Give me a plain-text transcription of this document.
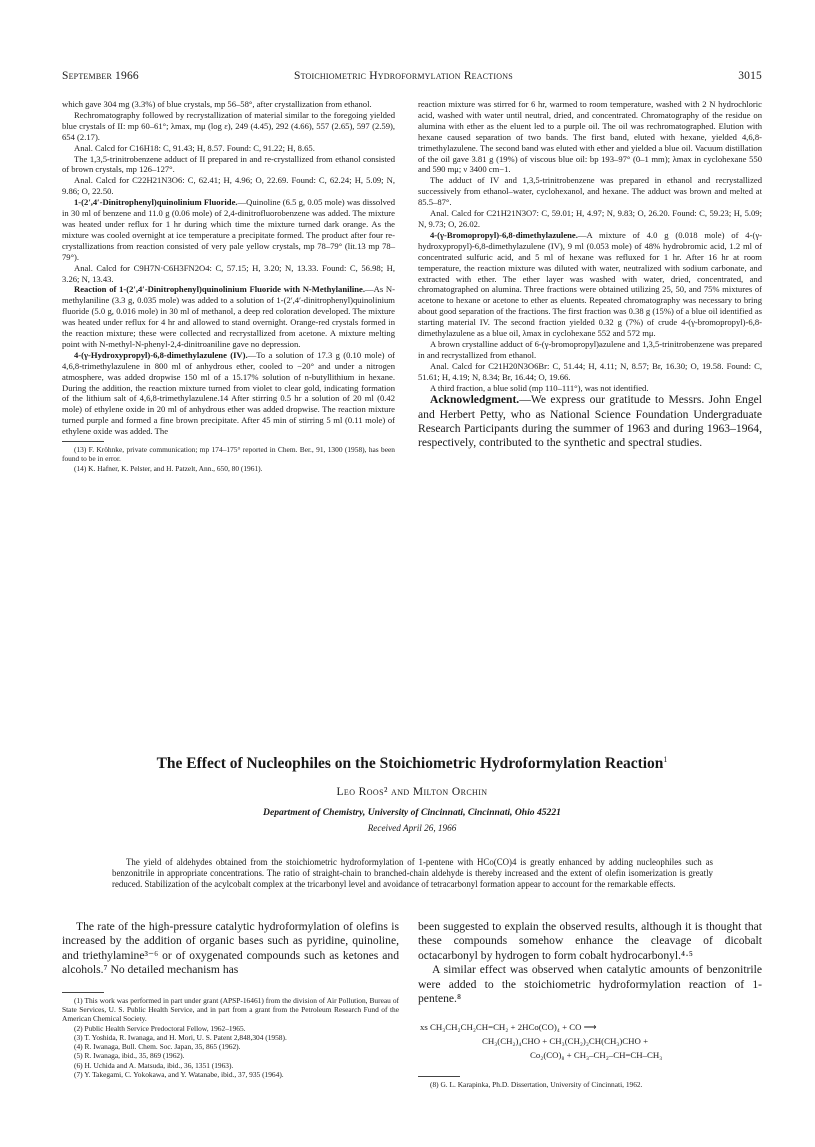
September 1966	Stoichiometric Hydroformylation Reactions	3015

which gave 304 mg (3.3%) of blue crystals, mp 56–58°, after crystallization from ethanol.

Rechromatography followed by recrystallization of material similar to the foregoing yielded blue crystals of II: mp 60–61°; λmax, mμ (log ε), 249 (4.45), 292 (4.66), 557 (2.65), 597 (2.59), 654 (2.17).

Anal. Calcd for C16H18: C, 91.43; H, 8.57. Found: C, 91.22; H, 8.65.

The 1,3,5-trinitrobenzene adduct of II prepared in and re-crystallized from ethanol consisted of brown crystals, mp 126–127°.

Anal. Calcd for C22H21N3O6: C, 62.41; H, 4.96; O, 22.69. Found: C, 62.24; H, 5.09; N, 9.86; O, 22.50.

1-(2′,4′-Dinitrophenyl)quinolinium Fluoride.—Quinoline (6.5 g, 0.05 mole) was dissolved in 30 ml of benzene and 11.0 g (0.06 mole) of 2,4-dinitrofluorobenzene was added. The mixture was heated under reflux for 1 hr during which time the mixture turned dark orange. As the mixture was cooled overnight at ice temperature a precipitate formed. The product after four re-crystallizations from reaction consisted of very pale yellow crystals, mp 78–79° (lit.13 mp 78–79°).

Anal. Calcd for C9H7N·C6H3FN2O4: C, 57.15; H, 3.20; N, 13.33. Found: C, 56.98; H, 3.26; N, 13.43.

Reaction of 1-(2′,4′-Dinitrophenyl)quinolinium Fluoride with N-Methylaniline.—As N-methylaniline (3.3 g, 0.035 mole) was added to a solution of 1-(2′,4′-dinitrophenyl)quinolinium fluoride (5.0 g, 0.016 mole) in 30 ml of methanol, a deep red coloration developed. The mixture was heated under reflux for 4 hr and allowed to stand overnight. Orange-red crystals formed in the reaction mixture; these were collected and recrystallized from acetone. A mixture melting point with N-methyl-N-phenyl-2,4-dinitroaniline gave no depression.

4-(γ-Hydroxypropyl)-6,8-dimethylazulene (IV).—To a solution of 17.3 g (0.10 mole) of 4,6,8-trimethylazulene in 800 ml of anhydrous ether, cooled to −20° and under a nitrogen atmosphere, was added dropwise 150 ml of a 15.17% solution of n-butyllithium in hexane. During the addition, the reaction mixture turned from violet to clear gold, indicating formation of the lithium salt of 4,6,8-trimethylazulene.14 After stirring 0.5 hr a solution of 20 ml (0.42 mole) of ethylene oxide in 20 ml of anhydrous ether was added dropwise. The reaction mixture turned purple and formed a fine brown precipitate. After 45 min of stirring 5 ml (0.11 mole) of ethylene oxide was added. The

(13) F. Kröhnke, private communication; mp 174–175° reported in Chem. Ber., 91, 1300 (1958), has been found to be in error.

(14) K. Hafner, K. Pelster, and H. Patzelt, Ann., 650, 80 (1961).

reaction mixture was stirred for 6 hr, warmed to room temperature, washed with 2 N hydrochloric acid, washed with water until neutral, dried, and concentrated. Chromatography of the residue on alumina with ether as the eluent led to a purple oil. The oil was rechromatographed. Elution with hexane caused separation of two bands. The first band, eluted with hexane, yielded 4,6,8-trimethylazulene. The second band was eluted with ether and yielded a blue oil. Vacuum distillation of the oil gave 3.81 g (19%) of viscous blue oil: bp 193–97° (0–1 mm); λmax in cyclohexane 550 and 590 mμ; ν 3400 cm−1.

The adduct of IV and 1,3,5-trinitrobenzene was prepared in ethanol and recrystallized successively from ethanol–water, cyclohexanol, and hexane. The adduct was brown and melted at 85.5–87°.

Anal. Calcd for C21H21N3O7: C, 59.01; H, 4.97; N, 9.83; O, 26.20. Found: C, 59.23; H, 5.09; N, 9.73; O, 26.02.

4-(γ-Bromopropyl)-6,8-dimethylazulene.—A mixture of 4.0 g (0.018 mole) of 4-(γ-hydroxypropyl)-6,8-dimethylazulene (IV), 9 ml (0.053 mole) of 48% hydrobromic acid, 1.2 ml of concentrated sulfuric acid, and 5 ml of hexane was refluxed for 1 hr. After 16 hr at room temperature, the reaction mixture was diluted with water, neutralized with sodium carbonate, and extracted with ether. The ether layer was washed with water, dried, concentrated, and chromatographed on alumina. Three fractions were obtained utilizing 25, 50, and 75% mixtures of acetone to hexane or acetone to ether as eluents. Repeated chromatography was necessary to bring about good separation of the fractions. The first fraction was 0.38 g (15%) of a blue oil identified as starting material IV. The second fraction yielded 0.32 g (7%) of crude 4-(γ-bromopropyl)-6,8-dimethylazulene as a blue oil, λmax in cyclohexane 552 and 572 mμ.

A brown crystalline adduct of 6-(γ-bromopropyl)azulene and 1,3,5-trinitrobenzene was prepared in and recrystallized from ethanol.

Anal. Calcd for C21H20N3O6Br: C, 51.44; H, 4.11; N, 8.57; Br, 16.30; O, 19.58. Found: C, 51.61; H, 4.19; N, 8.34; Br, 16.44; O, 19.66.

A third fraction, a blue solid (mp 110–111°), was not identified.

Acknowledgment.—We express our gratitude to Messrs. John Engel and Herbert Petty, who as National Science Foundation Undergraduate Research Participants during the summer of 1963 and during 1963–1964, respectively, contributed to the synthetic and spectral studies.

The Effect of Nucleophiles on the Stoichiometric Hydroformylation Reaction$^1$
Leo Roos² and Milton Orchin
Department of Chemistry, University of Cincinnati, Cincinnati, Ohio 45221
Received April 26, 1966

The yield of aldehydes obtained from the stoichiometric hydroformylation of 1-pentene with HCo(CO)4 is greatly enhanced by adding nucleophiles such as benzonitrile in appropriate concentrations. The ratio of straight-chain to branched-chain aldehyde is thereby increased and the extent of olefin isomerization is greatly reduced. Stabilization of the acylcobalt complex at the tricarbonyl level and avoidance of tetracarbonyl formation appear to account for the remarkable effects.

The rate of the high-pressure catalytic hydroformylation of olefins is increased by the addition of organic bases such as pyridine, quinoline, and triethylamine³⁻⁶ or of oxygenated compounds such as ketones and alcohols.⁷ No detailed mechanism has

(1) This work was performed in part under grant (APSP-16461) from the division of Air Pollution, Bureau of State Services, U. S. Public Health Service, and in part from a grant from the Petroleum Research Fund of the American Chemical Society.

(2) Public Health Service Predoctoral Fellow, 1962–1965.

(3) T. Yoshida, R. Iwanaga, and H. Mori, U. S. Patent 2,848,304 (1958).

(4) R. Iwanaga, Bull. Chem. Soc. Japan, 35, 865 (1962).

(5) R. Iwanaga, ibid., 35, 869 (1962).

(6) H. Uchida and A. Matsuda, ibid., 36, 1351 (1963).

(7) Y. Takegami, C. Yokokawa, and Y. Watanabe, ibid., 37, 935 (1964).

been suggested to explain the observed results, although it is thought that these compounds somehow enhance the cleavage of dicobalt octacarbonyl by hydrogen to form cobalt hydrocarbonyl.⁴·⁵

A similar effect was observed when catalytic amounts of benzonitrile were added to the stoichiometric hydroformylation reaction of 1-pentene.⁸

xs CH₃CH₂CH₂CH=CH₂ + 2HCo(CO)₄ + CO ⟶
CH₃(CH₂)₄CHO + CH₃(CH₂)₂CH(CH₃)CHO +
Co₂(CO)₈ + CH₃–CH₂–CH=CH–CH₃

(8) G. L. Karapinka, Ph.D. Dissertation, University of Cincinnati, 1962.
